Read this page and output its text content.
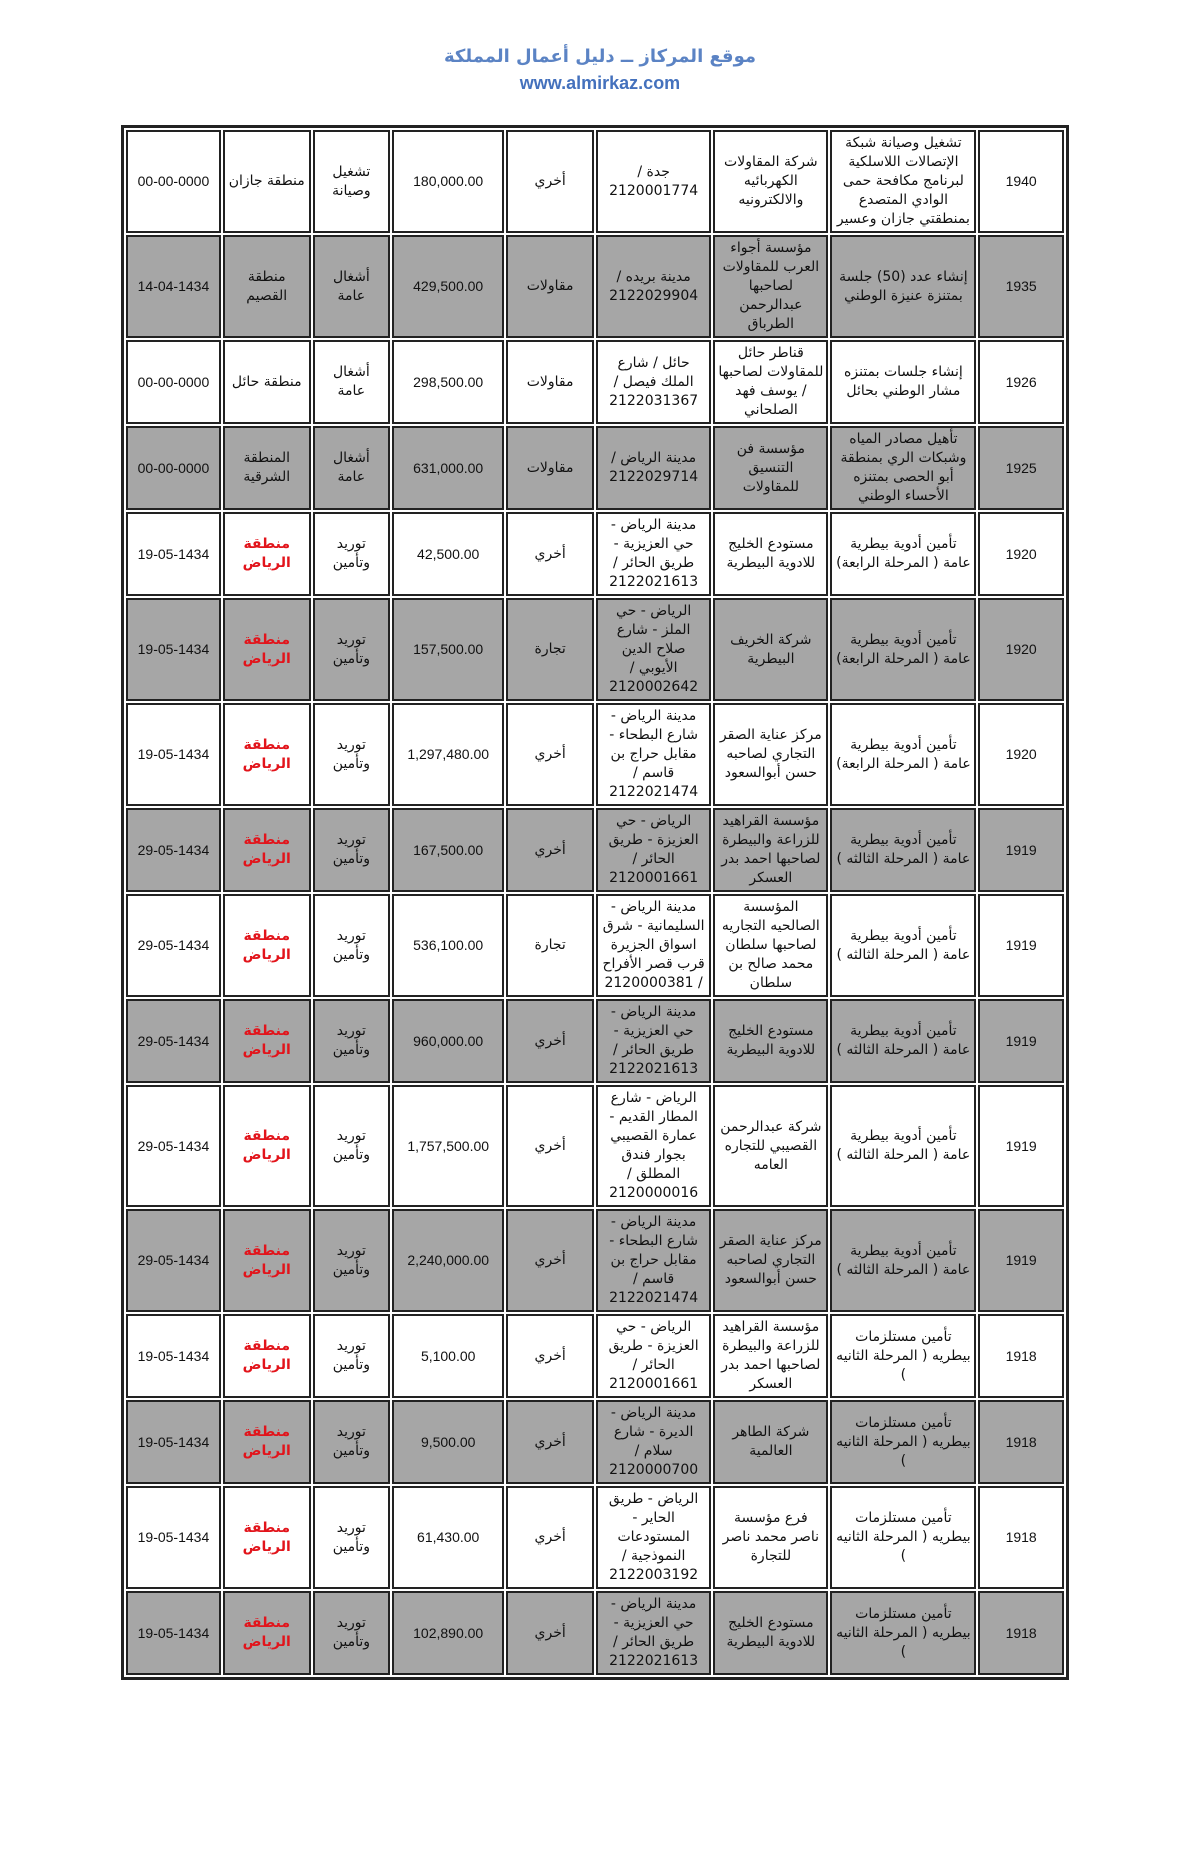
موقع المركاز ــ دليل أعمال المملكة
www.almirkaz.com
1940	تشغيل وصيانة شبكة الإتصالات اللاسلكية لبرنامج مكافحة حمى الوادي المتصدع بمنطقتي جازان وعسير	شركة المقاولات الكهربائيه والالكترونيه	جدة / 2120001774	أخري	180,000.00	تشغيل وصيانة	منطقة جازان	00-00-0000
1935	إنشاء عدد (50) جلسة بمتنزة عنيزة الوطني	مؤسسة أجواء العرب للمقاولات لصاحبها عبدالرحمن الطرباق	مدينة بريده / 2122029904	مقاولات	429,500.00	أشغال عامة	منطقة القصيم	14-04-1434
1926	إنشاء جلسات بمتنزه مشار الوطني بحائل	قناطر حائل للمقاولات لصاحبها / يوسف فهد الصلحاني	حائل / شارع الملك فيصل / 2122031367	مقاولات	298,500.00	أشغال عامة	منطقة حائل	00-00-0000
1925	تأهيل مصادر المياه وشبكات الري بمنطقة أبو الحصى بمتنزه الأحساء الوطني	مؤسسة فن التنسيق للمقاولات	مدينة الرياض / 2122029714	مقاولات	631,000.00	أشغال عامة	المنطقة الشرقية	00-00-0000
1920	تأمين أدوية بيطرية عامة ( المرحلة الرابعة)	مستودع الخليج للادوية البيطرية	مدينة الرياض - حي العزيزية - طريق الحائر / 2122021613	أخري	42,500.00	توريد وتأمين	منطقة الرياض	19-05-1434
1920	تأمين أدوية بيطرية عامة ( المرحلة الرابعة)	شركة الخريف البيطرية	الرياض - حي الملز - شارع صلاح الدين الأيوبي / 2120002642	تجارة	157,500.00	توريد وتأمين	منطقة الرياض	19-05-1434
1920	تأمين أدوية بيطرية عامة ( المرحلة الرابعة)	مركز عناية الصقر التجاري لصاحبه حسن أبوالسعود	مدينة الرياض - شارع البطحاء - مقابل حراج بن قاسم / 2122021474	أخري	1,297,480.00	توريد وتأمين	منطقة الرياض	19-05-1434
1919	تأمين أدوية بيطرية عامة ( المرحلة الثالثه )	مؤسسة القراهيد للزراعة والبيطرة لصاحبها احمد بدر العسكر	الرياض - حي العزيزة - طريق الحائر / 2120001661	أخري	167,500.00	توريد وتأمين	منطقة الرياض	29-05-1434
1919	تأمين أدوية بيطرية عامة ( المرحلة الثالثه )	المؤسسة الصالحيه التجاريه لصاحبها سلطان محمد صالح بن سلطان	مدينة الرياض - السليمانية - شرق اسواق الجزيرة قرب قصر الأفراح / 2120000381	تجارة	536,100.00	توريد وتأمين	منطقة الرياض	29-05-1434
1919	تأمين أدوية بيطرية عامة ( المرحلة الثالثه )	مستودع الخليج للادوية البيطرية	مدينة الرياض - حي العزيزية - طريق الحائر / 2122021613	أخري	960,000.00	توريد وتأمين	منطقة الرياض	29-05-1434
1919	تأمين أدوية بيطرية عامة ( المرحلة الثالثه )	شركة عبدالرحمن القصيبي للتجاره العامه	الرياض - شارع المطار القديم - عمارة القصيبي بجوار فندق المطلق / 2120000016	أخري	1,757,500.00	توريد وتأمين	منطقة الرياض	29-05-1434
1919	تأمين أدوية بيطرية عامة ( المرحلة الثالثه )	مركز عناية الصقر التجاري لصاحبه حسن أبوالسعود	مدينة الرياض - شارع البطحاء - مقابل حراج بن قاسم / 2122021474	أخري	2,240,000.00	توريد وتأمين	منطقة الرياض	29-05-1434
1918	تأمين مستلزمات بيطريه ( المرحلة الثانيه )	مؤسسة القراهيد للزراعة والبيطرة لصاحبها احمد بدر العسكر	الرياض - حي العزيزة - طريق الحائر / 2120001661	أخري	5,100.00	توريد وتأمين	منطقة الرياض	19-05-1434
1918	تأمين مستلزمات بيطريه ( المرحلة الثانيه )	شركة الطاهر العالمية	مدينة الرياض - الديرة - شارع سلام / 2120000700	أخري	9,500.00	توريد وتأمين	منطقة الرياض	19-05-1434
1918	تأمين مستلزمات بيطريه ( المرحلة الثانيه )	فرع مؤسسة ناصر محمد ناصر للتجارة	الرياض - طريق الحاير - المستودعات النموذجية / 2122003192	أخري	61,430.00	توريد وتأمين	منطقة الرياض	19-05-1434
1918	تأمين مستلزمات بيطريه ( المرحلة الثانيه )	مستودع الخليج للادوية البيطرية	مدينة الرياض - حي العزيزية - طريق الحائر / 2122021613	أخري	102,890.00	توريد وتأمين	منطقة الرياض	19-05-1434
